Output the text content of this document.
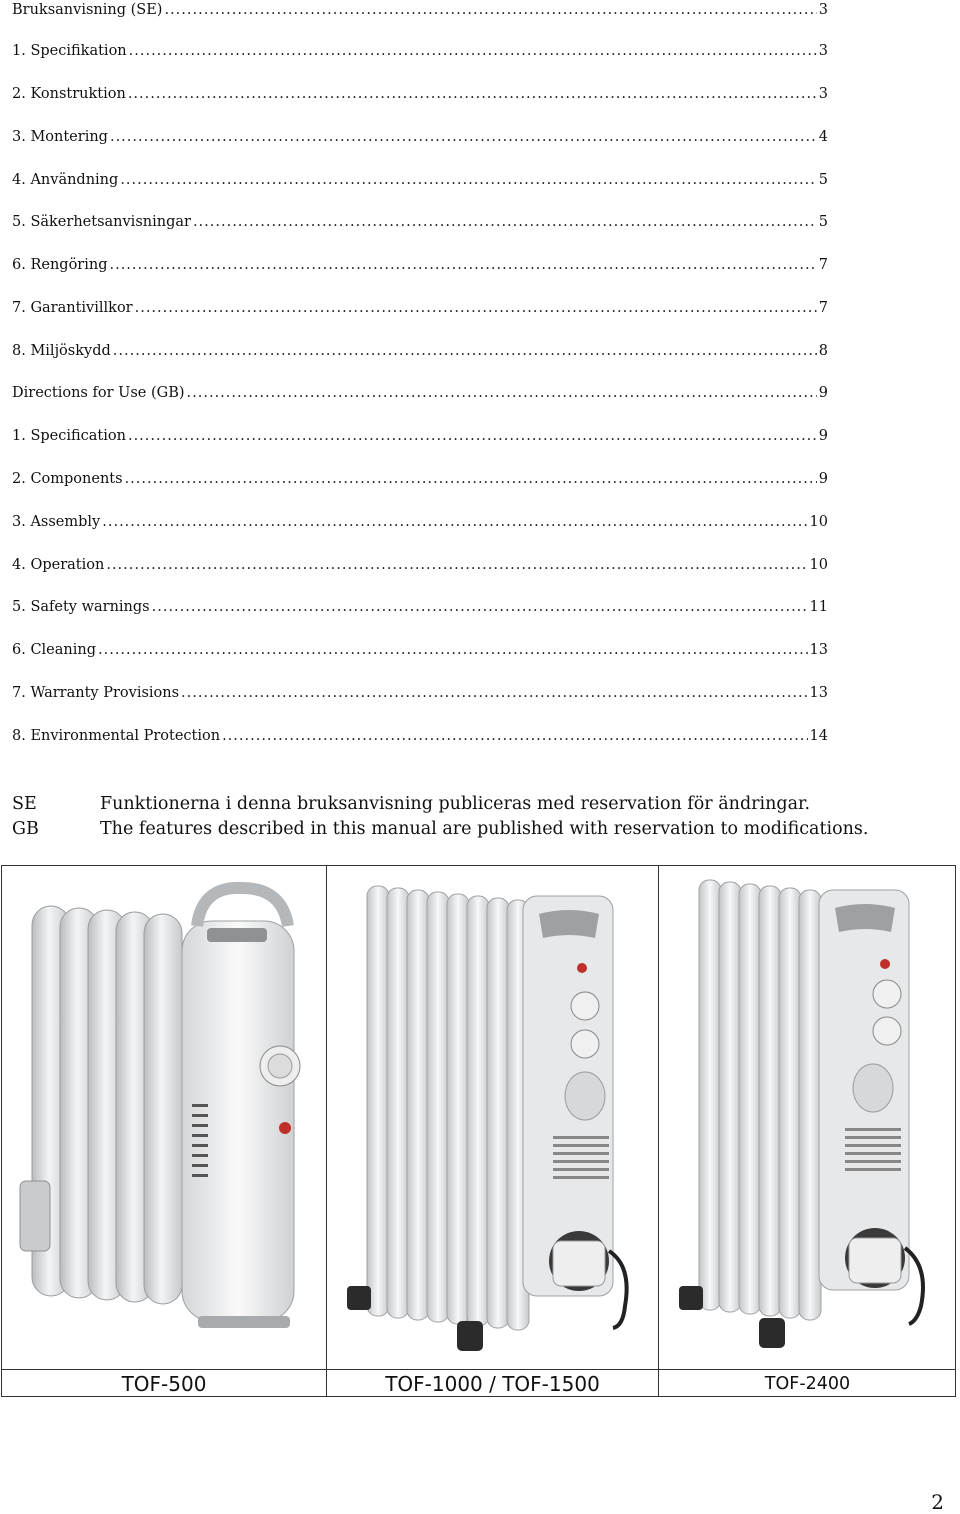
Bruksanvisning (SE) .....	3
1. Specifikation .....	3
2. Konstruktion .....	3
3. Montering .....	4
4. Användning .....	5
5. Säkerhetsanvisningar .....	5
6. Rengöring .....	7
7. Garantivillkor .....	7
8. Miljöskydd .....	8
Directions for Use (GB) .....	9
1. Specification .....	9
2. Components .....	9
3. Assembly .....	10
4. Operation .....	10
5. Safety warnings .....	11
6. Cleaning .....	13
7. Warranty Provisions .....	13
8. Environmental Protection .....	14
SE	Funktionerna i denna bruksanvisning publiceras med reservation för ändringar.
GB	The features described in this manual are published with reservation to modifications.
TOF-500	TOF-1000 / TOF-1500	TOF-2400
2
